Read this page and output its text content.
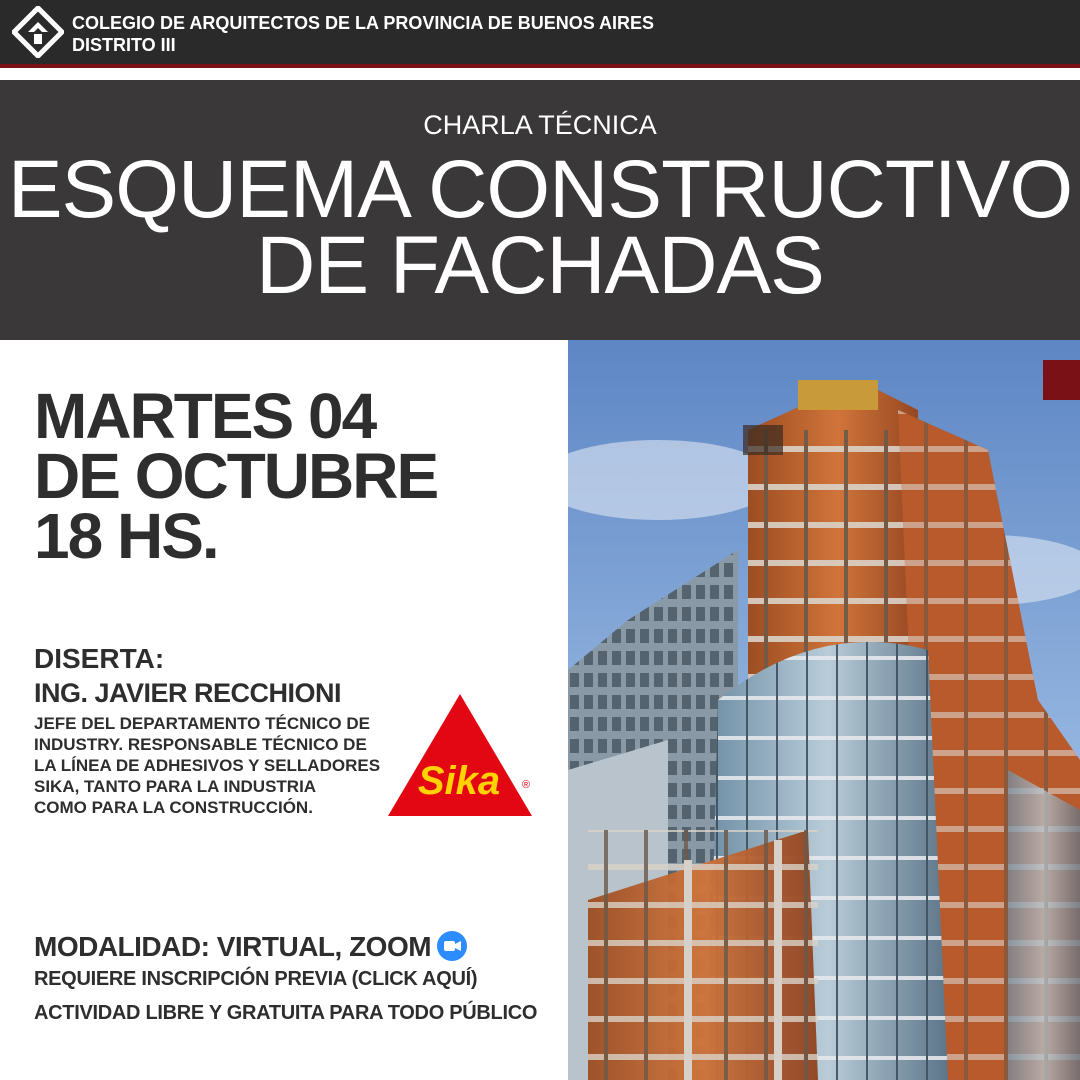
COLEGIO DE ARQUITECTOS DE LA PROVINCIA DE BUENOS AIRES
DISTRITO III
CHARLA TÉCNICA
ESQUEMA CONSTRUCTIVO
DE FACHADAS
MARTES 04
DE OCTUBRE
18 HS.
DISERTA:
ING. JAVIER RECCHIONI
JEFE DEL DEPARTAMENTO TÉCNICO DE
INDUSTRY. RESPONSABLE TÉCNICO DE
LA LÍNEA DE ADHESIVOS Y SELLADORES
SIKA, TANTO PARA LA INDUSTRIA
COMO PARA LA CONSTRUCCIÓN.
Sika ®
MODALIDAD: VIRTUAL, ZOOM
REQUIERE INSCRIPCIÓN PREVIA (CLICK AQUÍ)
ACTIVIDAD LIBRE Y GRATUITA PARA TODO PÚBLICO
